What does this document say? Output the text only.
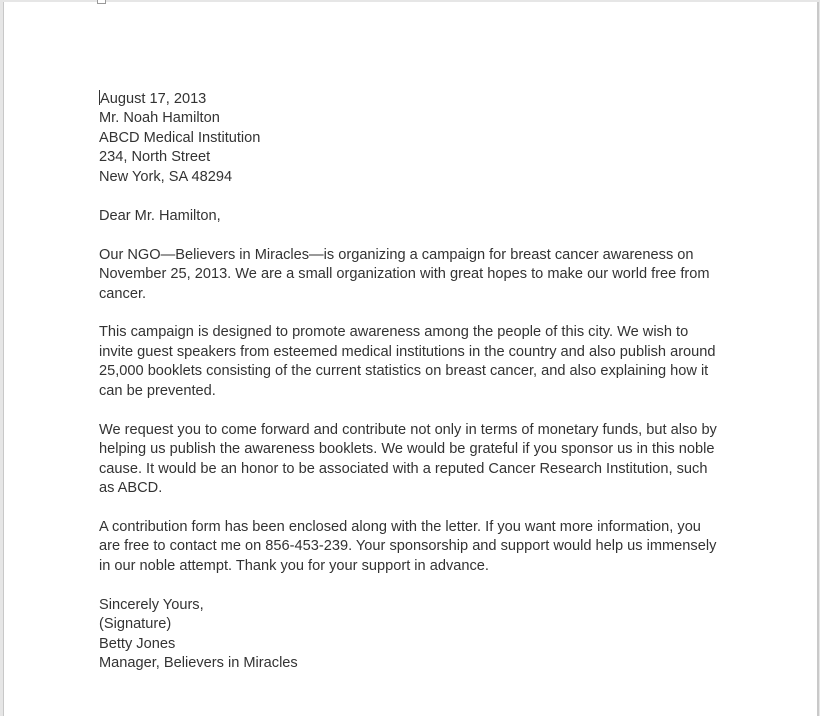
August 17, 2013
Mr. Noah Hamilton
ABCD Medical Institution
234, North Street
New York, SA 48294
Dear Mr. Hamilton,
Our NGO—Believers in Miracles—is organizing a campaign for breast cancer awareness on
November 25, 2013. We are a small organization with great hopes to make our world free from
cancer.
This campaign is designed to promote awareness among the people of this city. We wish to
invite guest speakers from esteemed medical institutions in the country and also publish around
25,000 booklets consisting of the current statistics on breast cancer, and also explaining how it
can be prevented.
We request you to come forward and contribute not only in terms of monetary funds, but also by
helping us publish the awareness booklets. We would be grateful if you sponsor us in this noble
cause. It would be an honor to be associated with a reputed Cancer Research Institution, such
as ABCD.
A contribution form has been enclosed along with the letter. If you want more information, you
are free to contact me on 856-453-239. Your sponsorship and support would help us immensely
in our noble attempt. Thank you for your support in advance.
Sincerely Yours,
(Signature)
Betty Jones
Manager, Believers in Miracles
